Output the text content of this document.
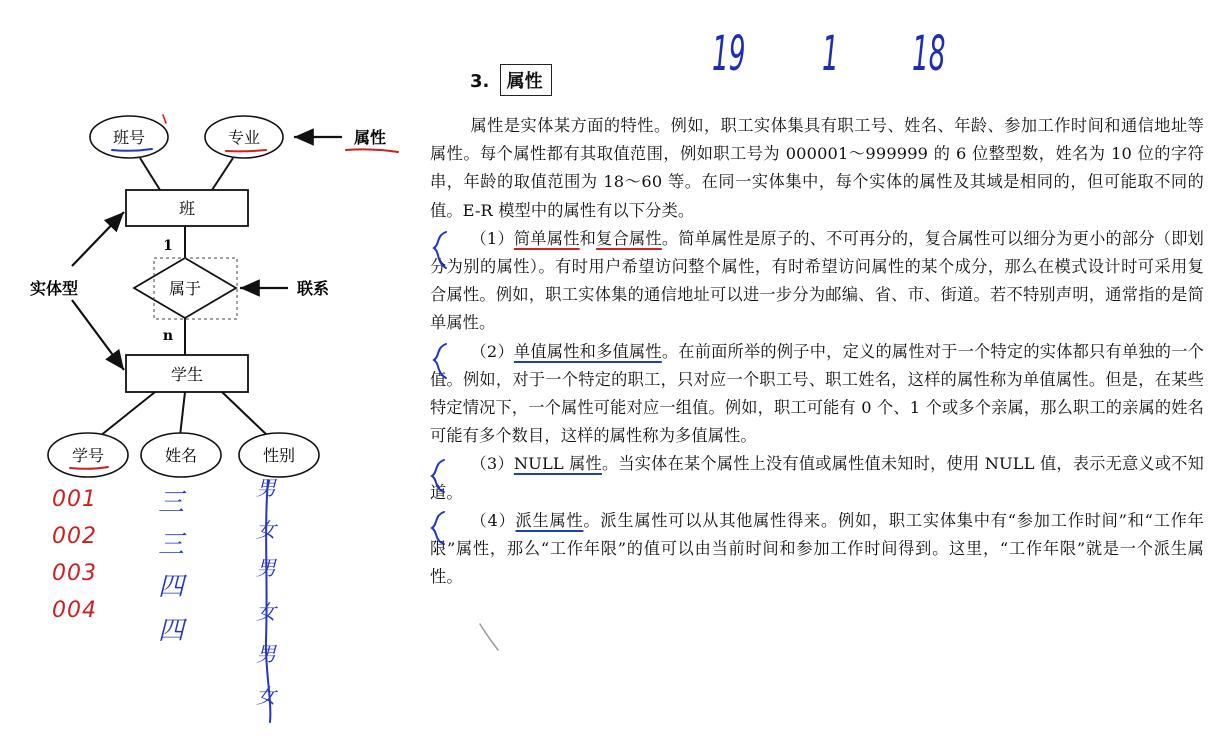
班号	专业
班
1
n
属于
学生
学号	姓名	性别
属性
实体型	联系
19 1 18
001
002
003
004
三
三
四
四
男
女
男
女
男
女
3. 属性

属性是实体某方面的特性。例如，职工实体集具有职工号、姓名、年龄、参加工作时间和通信地址等属性。每个属性都有其取值范围，例如职工号为 000001～999999 的 6 位整型数，姓名为 10 位的字符串，年龄的取值范围为 18～60 等。在同一实体集中，每个实体的属性及其域是相同的，但可能取不同的值。E-R 模型中的属性有以下分类。

（1）简单属性和复合属性。简单属性是原子的、不可再分的，复合属性可以细分为更小的部分（即划分为别的属性）。有时用户希望访问整个属性，有时希望访问属性的某个成分，那么在模式设计时可采用复合属性。例如，职工实体集的通信地址可以进一步分为邮编、省、市、街道。若不特别声明，通常指的是简单属性。

（2）单值属性和多值属性。在前面所举的例子中，定义的属性对于一个特定的实体都只有单独的一个值。例如，对于一个特定的职工，只对应一个职工号、职工姓名，这样的属性称为单值属性。但是，在某些特定情况下，一个属性可能对应一组值。例如，职工可能有 0 个、1 个或多个亲属，那么职工的亲属的姓名可能有多个数目，这样的属性称为多值属性。

（3）NULL 属性。当实体在某个属性上没有值或属性值未知时，使用 NULL 值，表示无意义或不知道。

（4）派生属性。派生属性可以从其他属性得来。例如，职工实体集中有“参加工作时间”和“工作年限”属性，那么“工作年限”的值可以由当前时间和参加工作时间得到。这里，“工作年限”就是一个派生属性。
